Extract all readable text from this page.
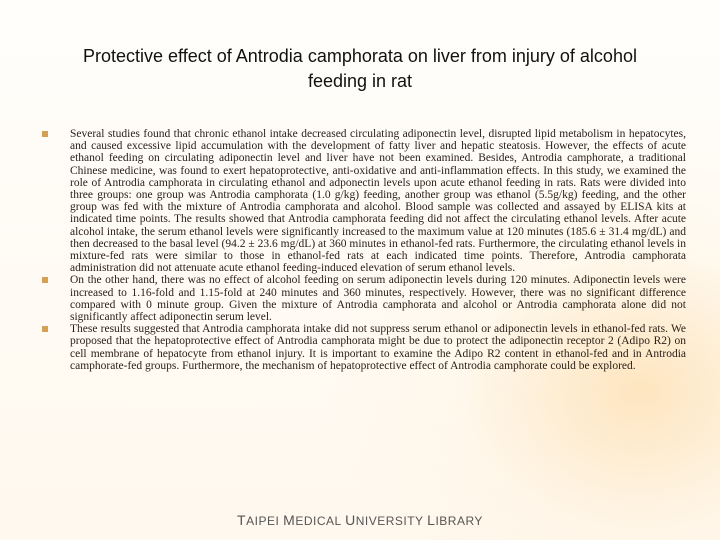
Protective effect of Antrodia camphorata on liver from injury of alcohol
feeding in rat
Several studies found that chronic ethanol intake decreased circulating adiponectin level, disrupted lipid metabolism in hepatocytes, and caused excessive lipid accumulation with the development of fatty liver and hepatic steatosis. However, the effects of acute ethanol feeding on circulating adiponectin level and liver have not been examined. Besides, Antrodia camphorate, a traditional Chinese medicine, was found to exert hepatoprotective, anti-oxidative and anti-inflammation effects. In this study, we examined the role of Antrodia camphorata in circulating ethanol and adponectin levels upon acute ethanol feeding in rats. Rats were divided into three groups: one group was Antrodia camphorata (1.0 g/kg) feeding, another group was ethanol (5.5g/kg) feeding, and the other group was fed with the mixture of Antrodia camphorata and alcohol. Blood sample was collected and assayed by ELISA kits at indicated time points. The results showed that Antrodia camphorata feeding did not affect the circulating ethanol levels. After acute alcohol intake, the serum ethanol levels were significantly increased to the maximum value at 120 minutes (185.6 ± 31.4 mg/dL) and then decreased to the basal level (94.2 ± 23.6 mg/dL) at 360 minutes in ethanol-fed rats. Furthermore, the circulating ethanol levels in mixture-fed rats were similar to those in ethanol-fed rats at each indicated time points. Therefore, Antrodia camphorata administration did not attenuate acute ethanol feeding-induced elevation of serum ethanol levels.
On the other hand, there was no effect of alcohol feeding on serum adiponectin levels during 120 minutes. Adiponectin levels were increased to 1.16-fold and 1.15-fold at 240 minutes and 360 minutes, respectively. However, there was no significant difference compared with 0 minute group. Given the mixture of Antrodia camphorata and alcohol or Antrodia camphorata alone did not significantly affect adiponectin serum level.
These results suggested that Antrodia camphorata intake did not suppress serum ethanol or adiponectin levels in ethanol-fed rats. We proposed that the hepatoprotective effect of Antrodia camphorata might be due to protect the adiponectin receptor 2 (Adipo R2) on cell membrane of hepatocyte from ethanol injury. It is important to examine the Adipo R2 content in ethanol-fed and in Antrodia camphorate-fed groups. Furthermore, the mechanism of hepatoprotective effect of Antrodia camphorate could be explored.
TAIPEI MEDICAL UNIVERSITY LIBRARY
